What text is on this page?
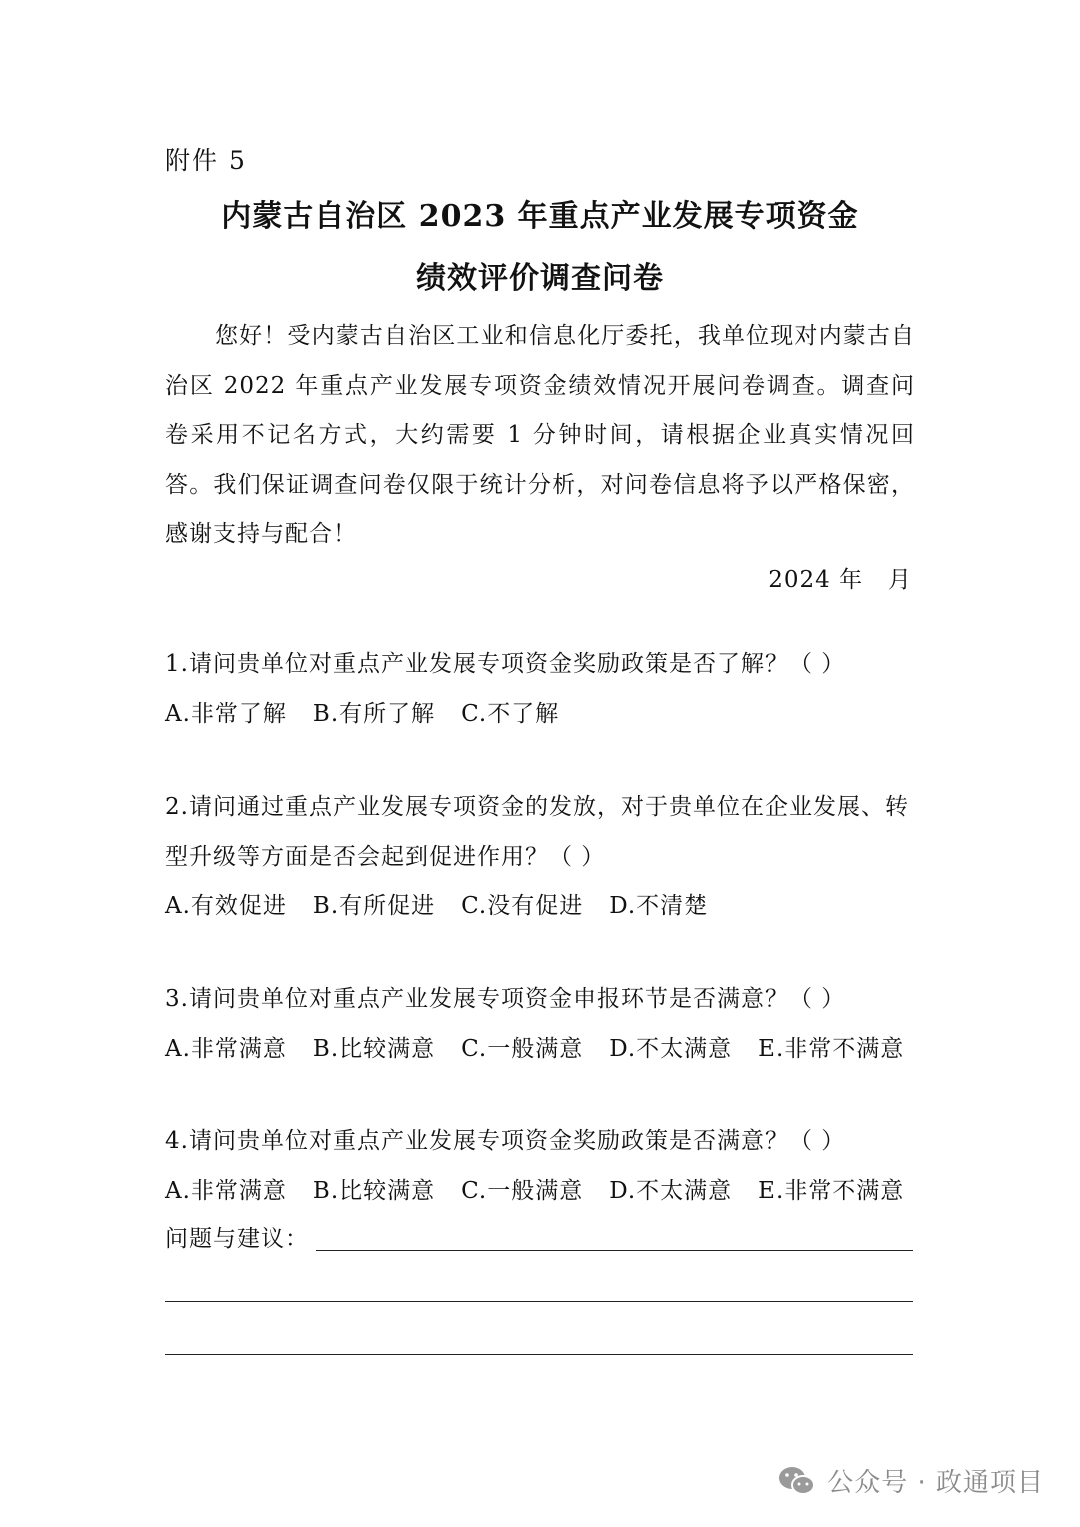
附件 5
内蒙古自治区 2023 年重点产业发展专项资金
绩效评价调查问卷
您好！受内蒙古自治区工业和信息化厅委托，我单位现对内蒙古自治区 2022 年重点产业发展专项资金绩效情况开展问卷调查。调查问卷采用不记名方式，大约需要 1 分钟时间，请根据企业真实情况回答。我们保证调查问卷仅限于统计分析，对问卷信息将予以严格保密，感谢支持与配合！
2024 年   月
1.请问贵单位对重点产业发展专项资金奖励政策是否了解？（ ）
A.非常了解 B.有所了解 C.不了解
2.请问通过重点产业发展专项资金的发放，对于贵单位在企业发展、转型升级等方面是否会起到促进作用？（ ）
A.有效促进 B.有所促进 C.没有促进 D.不清楚
3.请问贵单位对重点产业发展专项资金申报环节是否满意？（ ）
A.非常满意 B.比较满意 C.一般满意 D.不太满意 E.非常不满意
4.请问贵单位对重点产业发展专项资金奖励政策是否满意？（ ）
A.非常满意 B.比较满意 C.一般满意 D.不太满意 E.非常不满意
问题与建议：
公众号 · 政通项目
